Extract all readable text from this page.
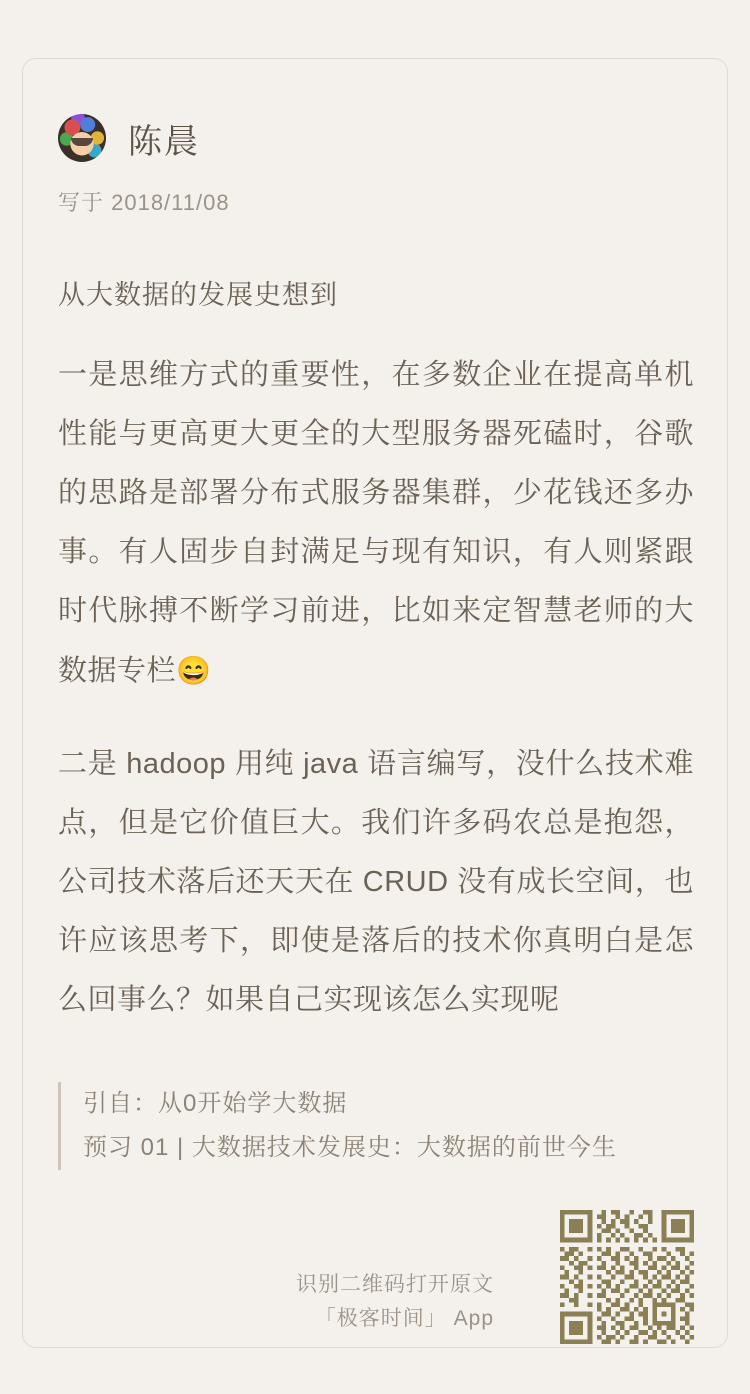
陈晨
写于 2018/11/08
从大数据的发展史想到
一是思维方式的重要性，在多数企业在提高单机性能与更高更大更全的大型服务器死磕时，谷歌的思路是部署分布式服务器集群，少花钱还多办事。有人固步自封满足与现有知识，有人则紧跟时代脉搏不断学习前进，比如来定智慧老师的大数据专栏😄
二是 hadoop 用纯 java 语言编写，没什么技术难点，但是它价值巨大。我们许多码农总是抱怨，公司技术落后还天天在 CRUD 没有成长空间，也许应该思考下，即使是落后的技术你真明白是怎么回事么？如果自己实现该怎么实现呢
引自：从0开始学大数据
预习 01 | 大数据技术发展史：大数据的前世今生
识别二维码打开原文
「极客时间」 App
